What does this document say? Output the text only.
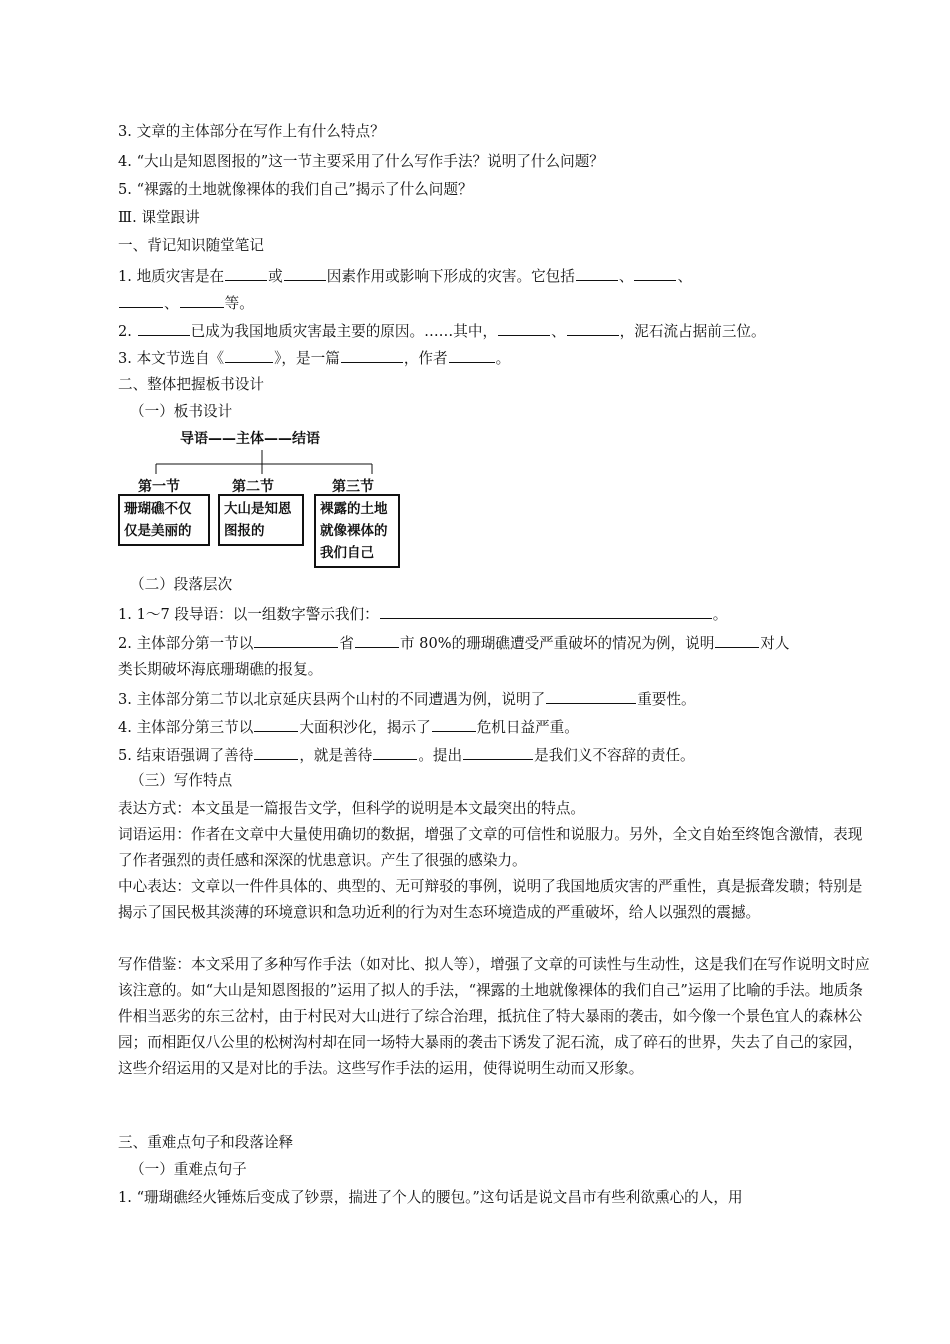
3. 文章的主体部分在写作上有什么特点？
4. “大山是知恩图报的”这一节主要采用了什么写作手法？说明了什么问题？
5. “裸露的土地就像裸体的我们自己”揭示了什么问题？
Ⅲ. 课堂跟讲
一、背记知识随堂笔记
1. 地质灾害是在	或	因素作用或影响下形成的灾害。它包括	、	、
、	等。
2.	已成为我国地质灾害最主要的原因。……其中，	、	，泥石流占据前三位。
3. 本文节选自《	》，是一篇	，作者	。
二、整体把握板书设计
（一）板书设计
导语——主体——结语
第一节	第二节	第三节
珊瑚礁不仅
仅是美丽的
大山是知恩
图报的
裸露的土地
就像裸体的
我们自己
（二）段落层次
1. 1～7 段导语：以一组数字警示我们：	。
2. 主体部分第一节以	省	市 80%的珊瑚礁遭受严重破坏的情况为例，说明	对人
类长期破坏海底珊瑚礁的报复。
3. 主体部分第二节以北京延庆县两个山村的不同遭遇为例，说明了	重要性。
4. 主体部分第三节以	大面积沙化，揭示了	危机日益严重。
5. 结束语强调了善待	，就是善待	。提出	是我们义不容辞的责任。
（三）写作特点
表达方式：本文虽是一篇报告文学，但科学的说明是本文最突出的特点。
词语运用：作者在文章中大量使用确切的数据，增强了文章的可信性和说服力。另外，全文自始至终饱含激情，表现了作者强烈的责任感和深深的忧患意识。产生了很强的感染力。
中心表达：文章以一件件具体的、典型的、无可辩驳的事例，说明了我国地质灾害的严重性，真是振聋发聩；特别是揭示了国民极其淡薄的环境意识和急功近利的行为对生态环境造成的严重破坏，给人以强烈的震撼。
写作借鉴：本文采用了多种写作手法（如对比、拟人等），增强了文章的可读性与生动性，这是我们在写作说明文时应该注意的。如“大山是知恩图报的”运用了拟人的手法，“裸露的土地就像裸体的我们自己”运用了比喻的手法。地质条件相当恶劣的东三岔村，由于村民对大山进行了综合治理，抵抗住了特大暴雨的袭击，如今像一个景色宜人的森林公园；而相距仅八公里的松树沟村却在同一场特大暴雨的袭击下诱发了泥石流，成了碎石的世界，失去了自己的家园，这些介绍运用的又是对比的手法。这些写作手法的运用，使得说明生动而又形象。
三、重难点句子和段落诠释
（一）重难点句子
1. “珊瑚礁经火锤炼后变成了钞票，揣进了个人的腰包。”这句话是说文昌市有些利欲熏心的人，用
